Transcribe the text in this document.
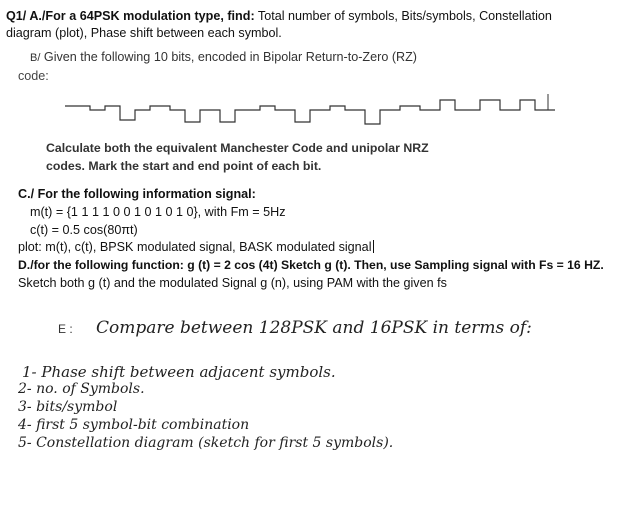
Q1/ A./For a 64PSK modulation type, find: Total number of symbols, Bits/symbols, Constellation
diagram (plot), Phase shift between each symbol.
B/ Given the following 10 bits, encoded in Bipolar Return-to-Zero (RZ)
code:
Calculate both the equivalent Manchester Code and unipolar NRZ
codes. Mark the start and end point of each bit.
C./ For the following information signal:
m(t) = {1 1 1 1 0 0 1 0 1 0 1 0}, with Fm = 5Hz
c(t) = 0.5 cos(80πt)
plot: m(t), c(t), BPSK modulated signal, BASK modulated signal
D./for the following function: g (t) = 2 cos (4t) Sketch g (t). Then, use Sampling signal with Fs = 16 HZ.
Sketch both g (t) and the modulated Signal g (n), using PAM with the given fs
E : Compare between 128PSK and 16PSK in terms of:
1- Phase shift between adjacent symbols.
2- no. of Symbols.
3- bits/symbol
4- first 5 symbol-bit combination
5- Constellation diagram (sketch for first 5 symbols).
